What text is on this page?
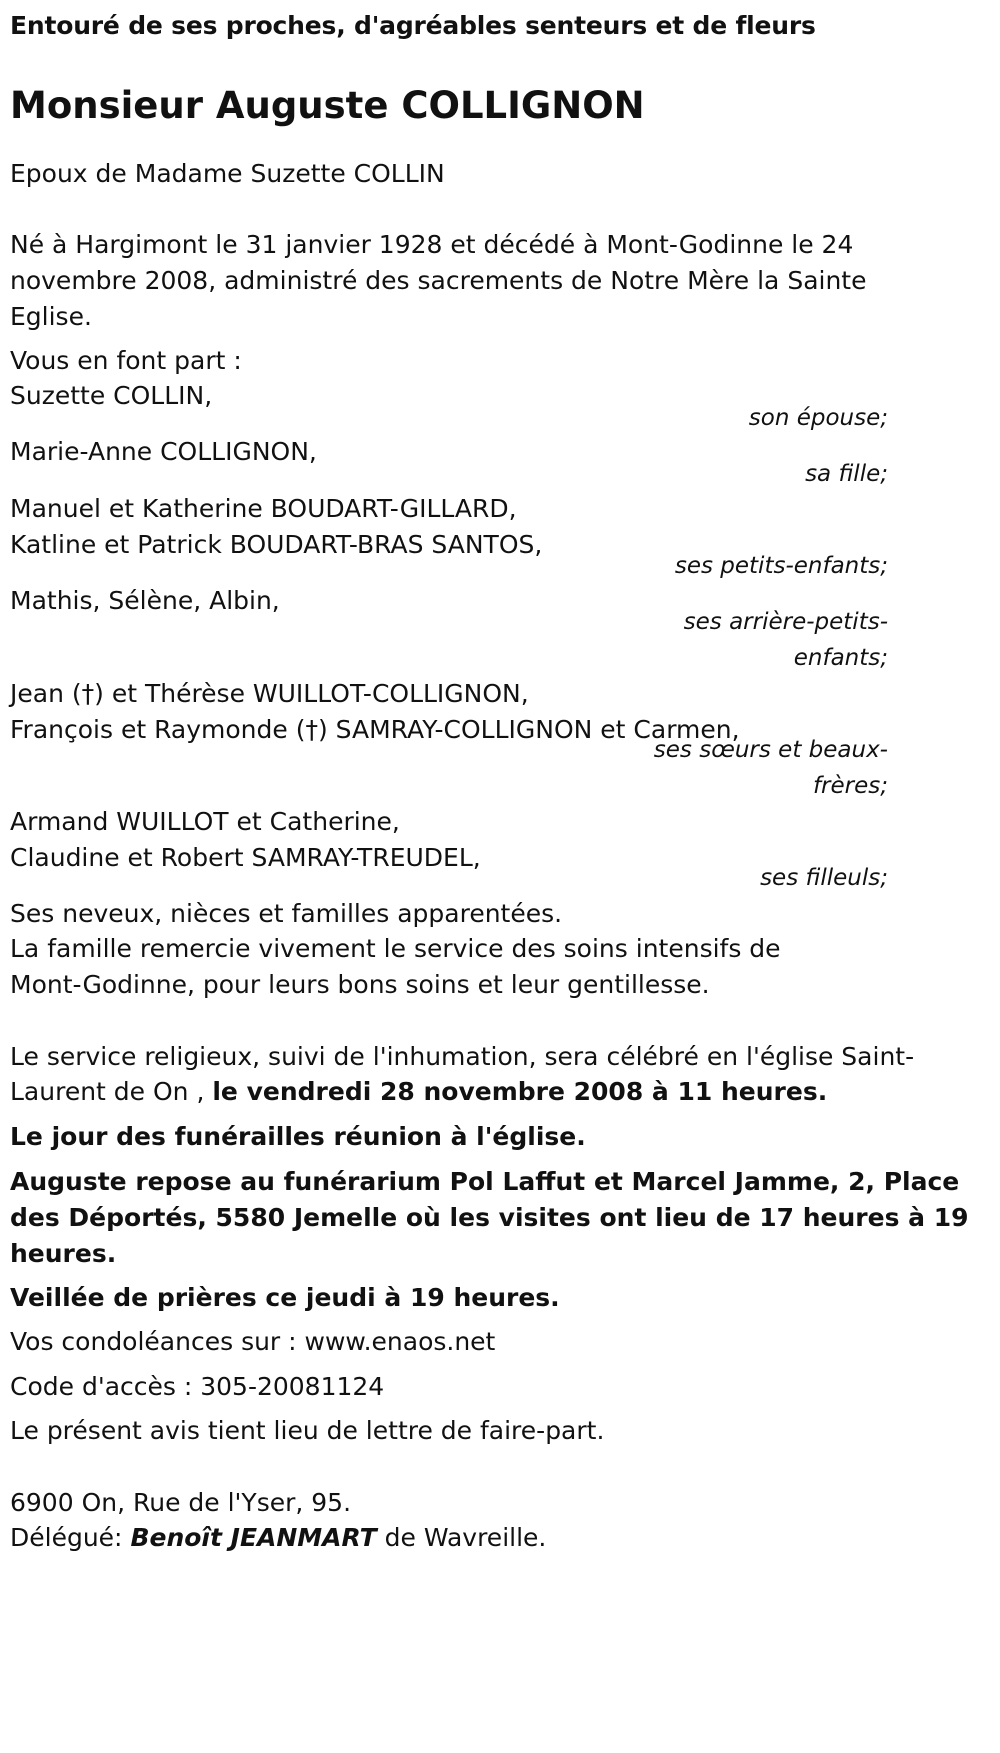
Entouré de ses proches, d'agréables senteurs et de fleurs
Monsieur Auguste COLLIGNON
Epoux de Madame Suzette COLLIN
Né à Hargimont le 31 janvier 1928 et décédé à Mont-Godinne le 24
novembre 2008, administré des sacrements de Notre Mère la Sainte
Eglise.
Vous en font part :
Suzette COLLIN,
son épouse;
Marie-Anne COLLIGNON,
sa fille;
Manuel et Katherine BOUDART-GILLARD,
Katline et Patrick BOUDART-BRAS SANTOS,
ses petits-enfants;
Mathis, Sélène, Albin,
ses arrière-petits-
enfants;
Jean (†) et Thérèse WUILLOT-COLLIGNON,
François et Raymonde (†) SAMRAY-COLLIGNON et Carmen,
ses sœurs et beaux-
frères;
Armand WUILLOT et Catherine,
Claudine et Robert SAMRAY-TREUDEL,
ses filleuls;
Ses neveux, nièces et familles apparentées.
La famille remercie vivement le service des soins intensifs de
Mont-Godinne, pour leurs bons soins et leur gentillesse.
Le service religieux, suivi de l'inhumation, sera célébré en l'église Saint-
Laurent de On , le vendredi 28 novembre 2008 à 11 heures.
Le jour des funérailles réunion à l'église.
Auguste repose au funérarium Pol Laffut et Marcel Jamme, 2, Place
des Déportés, 5580 Jemelle où les visites ont lieu de 17 heures à 19
heures.
Veillée de prières ce jeudi à 19 heures.
Vos condoléances sur : www.enaos.net
Code d'accès : 305-20081124
Le présent avis tient lieu de lettre de faire-part.
6900 On, Rue de l'Yser, 95.
Délégué: Benoît JEANMART de Wavreille.
